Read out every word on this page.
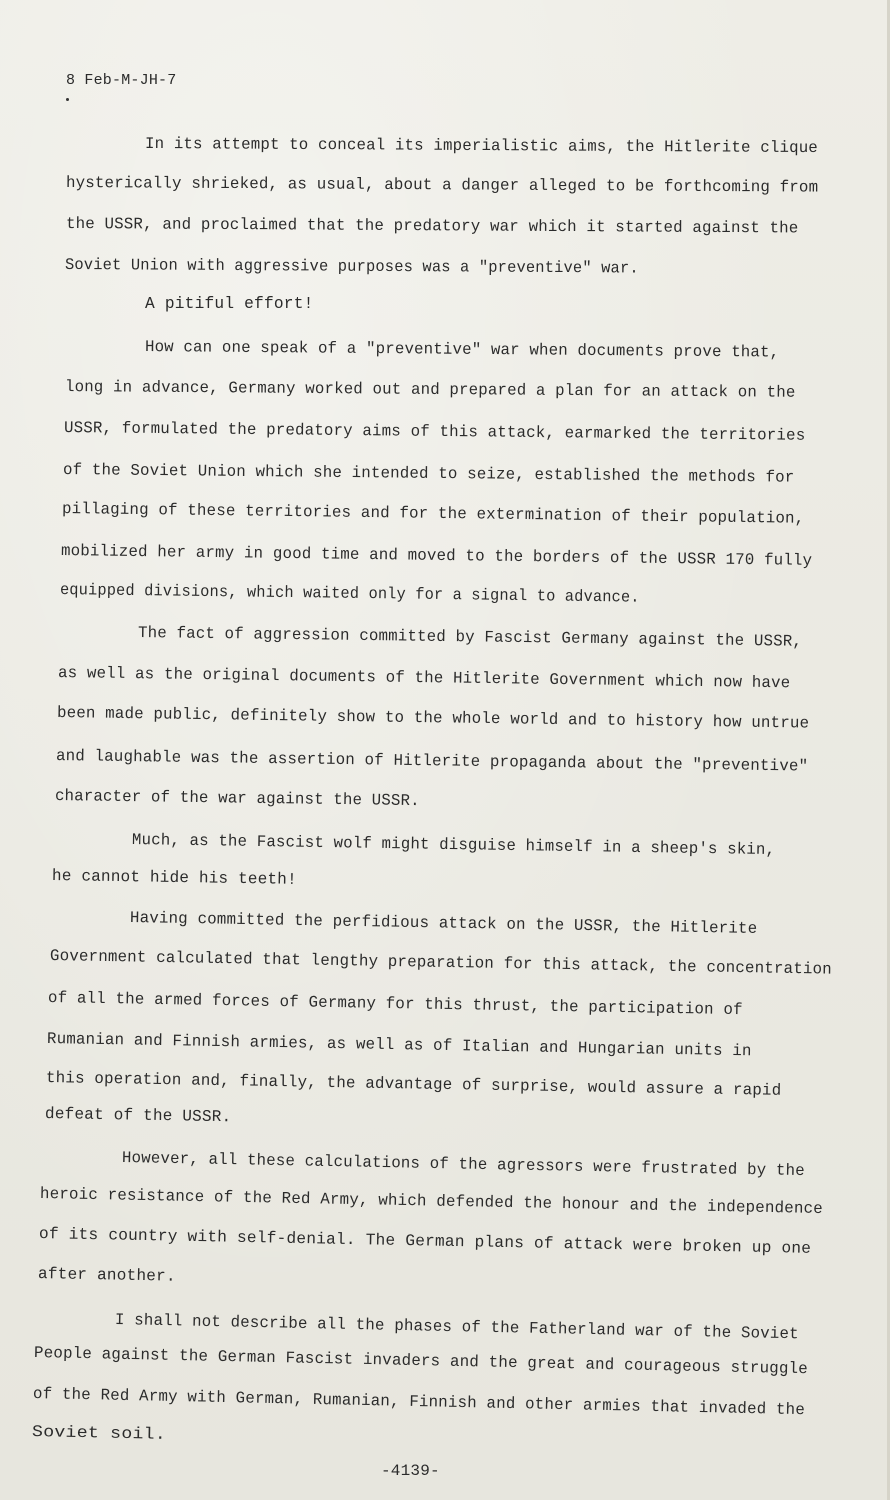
8 Feb-M-JH-7
In its attempt to conceal its imperialistic aims, the Hitlerite clique
hysterically shrieked, as usual, about a danger alleged to be forthcoming from
the USSR, and proclaimed that the predatory war which it started against the
Soviet Union with aggressive purposes was a "preventive" war.
A pitiful effort!
How can one speak of a "preventive" war when documents prove that,
long in advance, Germany worked out and prepared a plan for an attack on the
USSR, formulated the predatory aims of this attack, earmarked the territories
of the Soviet Union which she intended to seize, established the methods for
pillaging of these territories and for the extermination of their population,
mobilized her army in good time and moved to the borders of the USSR 170 fully
equipped divisions, which waited only for a signal to advance.
The fact of aggression committed by Fascist Germany against the USSR,
as well as the original documents of the Hitlerite Government which now have
been made public, definitely show to the whole world and to history how untrue
and laughable was the assertion of Hitlerite propaganda about the "preventive"
character of the war against the USSR.
Much, as the Fascist wolf might disguise himself in a sheep's skin,
he cannot hide his teeth!
Having committed the perfidious attack on the USSR, the Hitlerite
Government calculated that lengthy preparation for this attack, the concentration
of all the armed forces of Germany for this thrust, the participation of
Rumanian and Finnish armies, as well as of Italian and Hungarian units in
this operation and, finally, the advantage of surprise, would assure a rapid
defeat of the USSR.
However, all these calculations of the agressors were frustrated by the
heroic resistance of the Red Army, which defended the honour and the independence
of its country with self-denial. The German plans of attack were broken up one
after another.
I shall not describe all the phases of the Fatherland war of the Soviet
People against the German Fascist invaders and the great and courageous struggle
of the Red Army with German, Rumanian, Finnish and other armies that invaded the
Soviet soil.
-4139-
